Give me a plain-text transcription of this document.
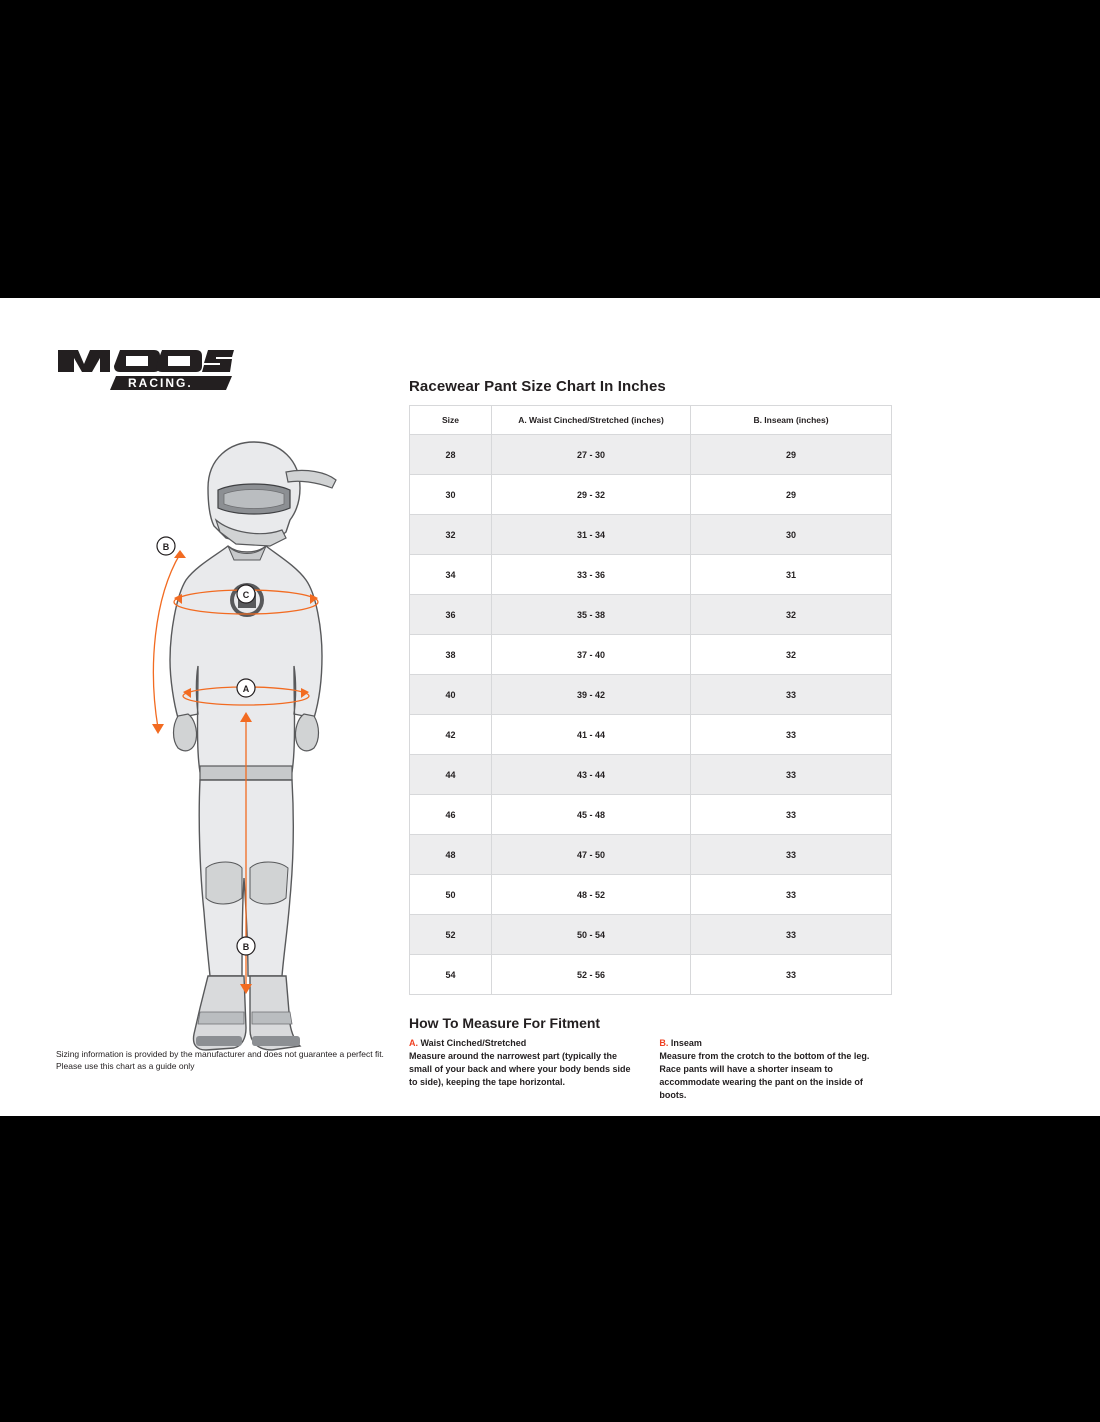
RACING.
B
C
A
B
Sizing information is provided by the manufacturer and does not guarantee a perfect fit.
Please use this chart as a guide only
Racewear Pant Size Chart In Inches
Size	A. Waist Cinched/Stretched (inches)	B. Inseam (inches)
28	27 - 30	29
30	29 - 32	29
32	31 - 34	30
34	33 - 36	31
36	35 - 38	32
38	37 - 40	32
40	39 - 42	33
42	41 - 44	33
44	43 - 44	33
46	45 - 48	33
48	47 - 50	33
50	48 - 52	33
52	50 - 54	33
54	52 - 56	33
How To Measure For Fitment
A. Waist Cinched/Stretched
Measure around the narrowest part (typically the small of your back and where your body bends side to side), keeping the tape horizontal.
B. Inseam
Measure from the crotch to the bottom of the leg. Race pants will have a shorter inseam to accommodate wearing the pant on the inside of boots.
